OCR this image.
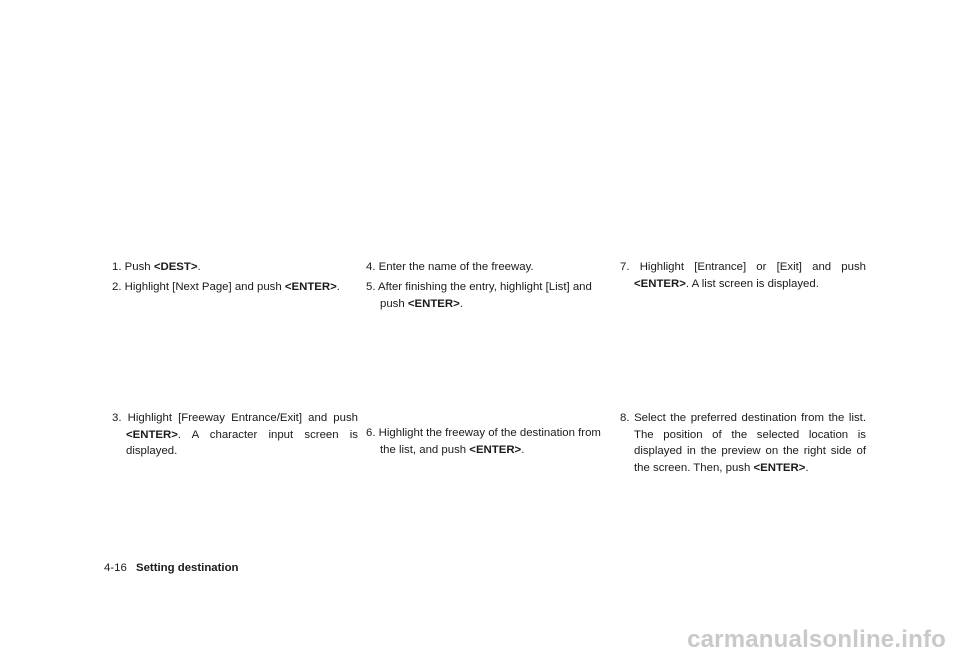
1. Push <DEST>.

2. Highlight [Next Page] and push <ENTER>.

3. Highlight [Freeway Entrance/Exit] and push <ENTER>. A character input screen is displayed.

4. Enter the name of the freeway.

5. After finishing the entry, highlight [List] and push <ENTER>.

6. Highlight the freeway of the destination from the list, and push <ENTER>.

7. Highlight [Entrance] or [Exit] and push <ENTER>. A list screen is displayed.

8. Select the preferred destination from the list. The position of the selected location is displayed in the preview on the right side of the screen. Then, push <ENTER>.

4-16 Setting destination
carmanualsonline.info
